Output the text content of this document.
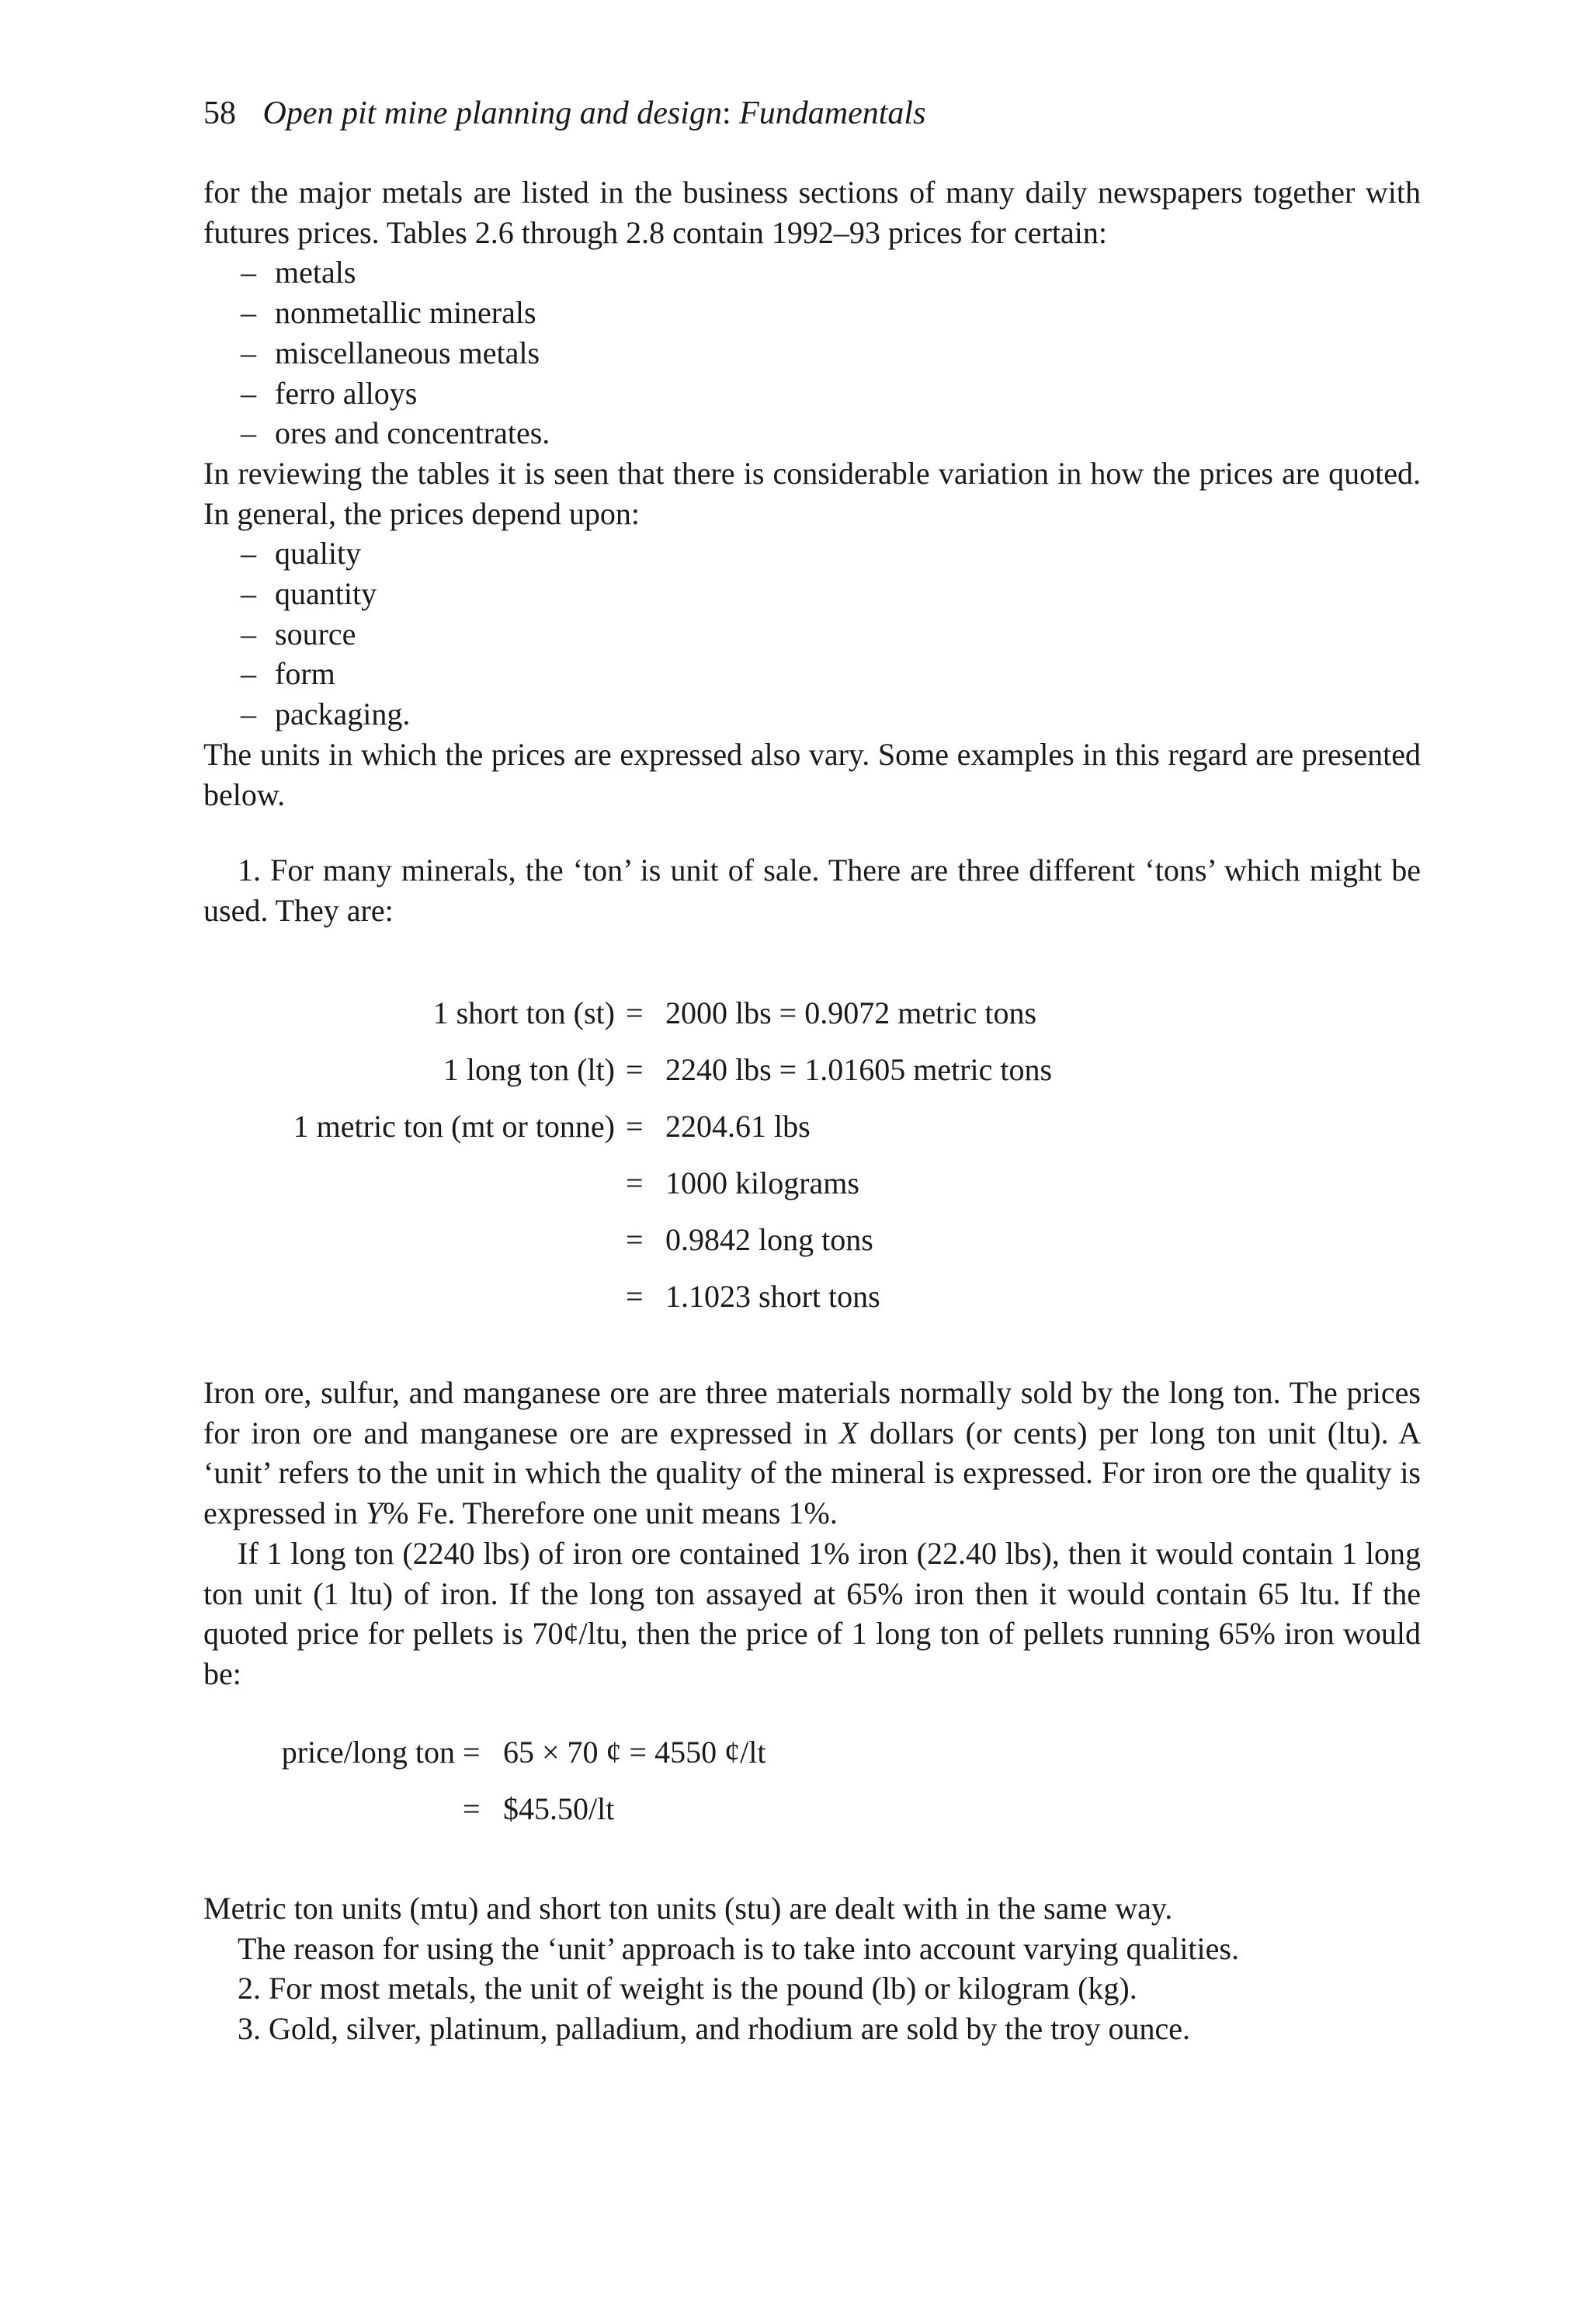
58 Open pit mine planning and design: Fundamentals

for the major metals are listed in the business sections of many daily newspapers together with futures prices. Tables 2.6 through 2.8 contain 1992–93 prices for certain:

– metals
– nonmetallic minerals
– miscellaneous metals
– ferro alloys
– ores and concentrates.

In reviewing the tables it is seen that there is considerable variation in how the prices are quoted. In general, the prices depend upon:

– quality
– quantity
– source
– form
– packaging.

The units in which the prices are expressed also vary. Some examples in this regard are presented below.

1. For many minerals, the ‘ton’ is unit of sale. There are three different ‘tons’ which might be used. They are:

1 short ton (st) = 2000 lbs = 0.9072 metric tons
1 long ton (lt) = 2240 lbs = 1.01605 metric tons
1 metric ton (mt or tonne) = 2204.61 lbs
= 1000 kilograms
= 0.9842 long tons
= 1.1023 short tons

Iron ore, sulfur, and manganese ore are three materials normally sold by the long ton. The prices for iron ore and manganese ore are expressed in X dollars (or cents) per long ton unit (ltu). A ‘unit’ refers to the unit in which the quality of the mineral is expressed. For iron ore the quality is expressed in Y% Fe. Therefore one unit means 1%.

If 1 long ton (2240 lbs) of iron ore contained 1% iron (22.40 lbs), then it would contain 1 long ton unit (1 ltu) of iron. If the long ton assayed at 65% iron then it would contain 65 ltu. If the quoted price for pellets is 70¢/ltu, then the price of 1 long ton of pellets running 65% iron would be:

price/long ton = 65 × 70 ¢ = 4550 ¢/lt
= $45.50/lt

Metric ton units (mtu) and short ton units (stu) are dealt with in the same way.

The reason for using the ‘unit’ approach is to take into account varying qualities.

2. For most metals, the unit of weight is the pound (lb) or kilogram (kg).

3. Gold, silver, platinum, palladium, and rhodium are sold by the troy ounce.
